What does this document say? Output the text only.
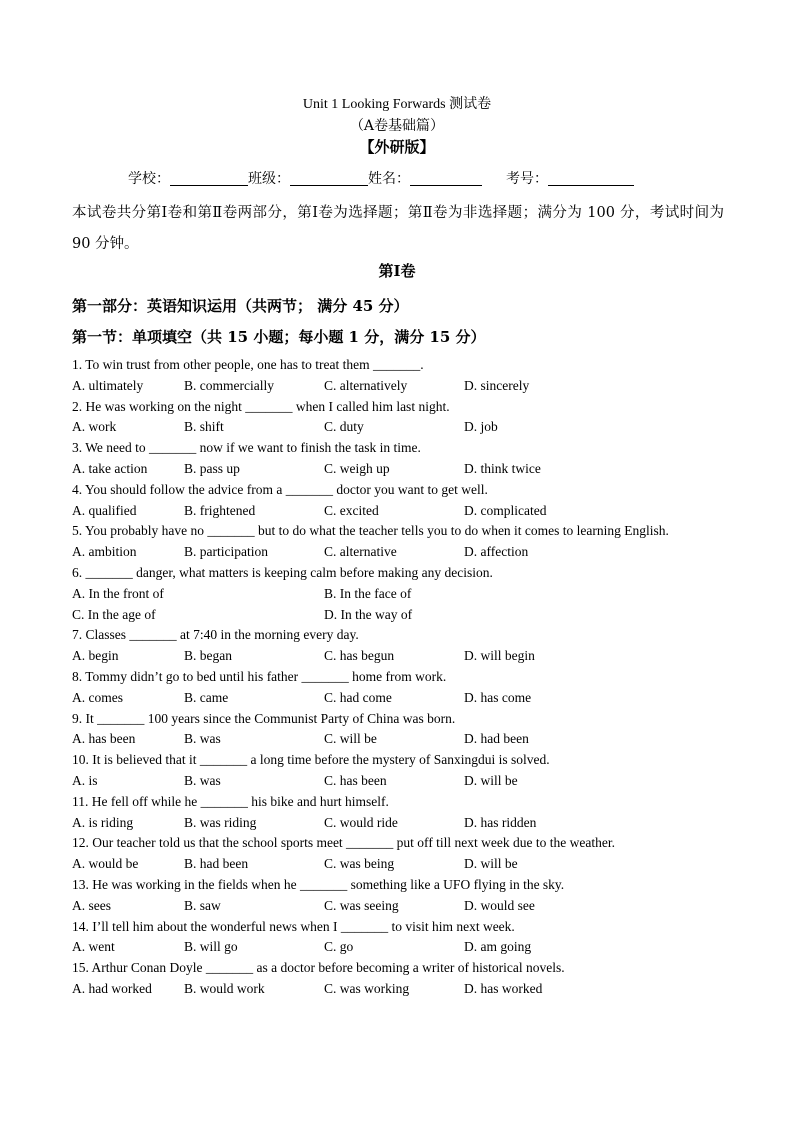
Unit 1 Looking Forwards 测试卷
（A卷基础篇）
【外研版】
学校：	班级：	姓名：	考号：
本试卷共分第Ⅰ卷和第Ⅱ卷两部分，第Ⅰ卷为选择题；第Ⅱ卷为非选择题；满分为 100 分，考试时间为 90 分钟。
第Ⅰ卷
第一部分：英语知识运用（共两节； 满分 45 分）
第一节：单项填空（共 15 小题；每小题 1 分，满分 15 分）
1. To win trust from other people, one has to treat them _______.
A. ultimately	B. commercially	C. alternatively	D. sincerely
2. He was working on the night _______ when I called him last night.
A. work	B. shift	C. duty	D. job
3. We need to _______ now if we want to finish the task in time.
A. take action	B. pass up	C. weigh up	D. think twice
4. You should follow the advice from a _______ doctor you want to get well.
A. qualified	B. frightened	C. excited	D. complicated
5. You probably have no _______ but to do what the teacher tells you to do when it comes to learning English.
A. ambition	B. participation	C. alternative	D. affection
6. _______ danger, what matters is keeping calm before making any decision.
A. In the front of	B. In the face of
C. In the age of	D. In the way of
7. Classes _______ at 7:40 in the morning every day.
A. begin	B. began	C. has begun	D. will begin
8. Tommy didn’t go to bed until his father _______ home from work.
A. comes	B. came	C. had come	D. has come
9. It _______ 100 years since the Communist Party of China was born.
A. has been	B. was	C. will be	D. had been
10. It is believed that it _______ a long time before the mystery of Sanxingdui is solved.
A. is	B. was	C. has been	D. will be
11. He fell off while he _______ his bike and hurt himself.
A. is riding	B. was riding	C. would ride	D. has ridden
12. Our teacher told us that the school sports meet _______ put off till next week due to the weather.
A. would be	B. had been	C. was being	D. will be
13. He was working in the fields when he _______ something like a UFO flying in the sky.
A. sees	B. saw	C. was seeing	D. would see
14. I’ll tell him about the wonderful news when I _______ to visit him next week.
A. went	B. will go	C. go	D. am going
15. Arthur Conan Doyle _______ as a doctor before becoming a writer of historical novels.
A. had worked B. would work	C. was working	D. has worked
